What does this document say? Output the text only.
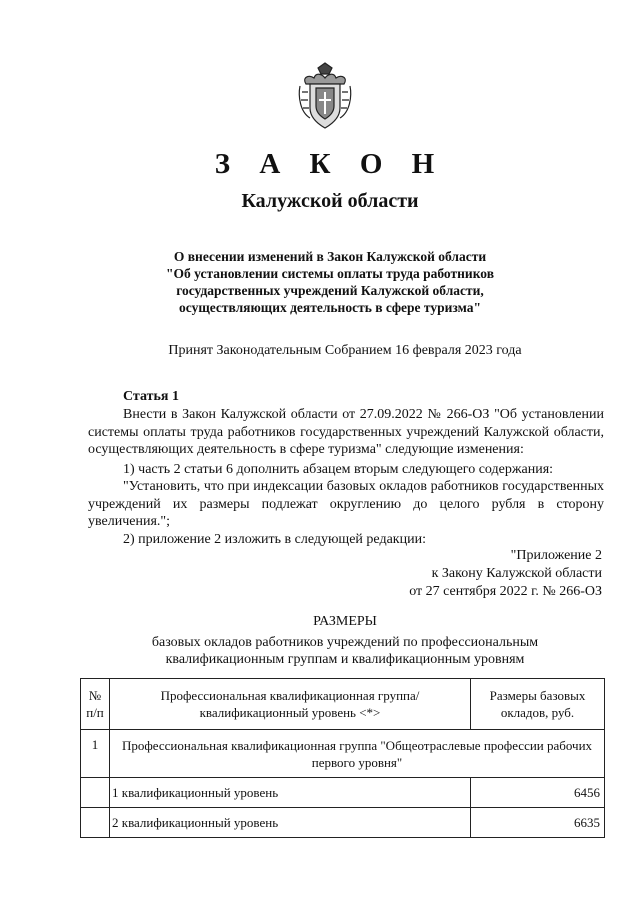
З А К О Н
Калужской области
О внесении изменений в Закон Калужской области
"Об установлении системы оплаты труда работников
государственных учреждений Калужской области,
осуществляющих деятельность в сфере туризма"
Принят Законодательным Собранием 16 февраля 2023 года
Статья 1

Внести в Закон Калужской области от 27.09.2022 № 266-ОЗ "Об установлении системы оплаты труда работников государственных учреждений Калужской области, осуществляющих деятельность в сфере туризма" следующие изменения:

1) часть 2 статьи 6 дополнить абзацем вторым следующего содержания:

"Установить, что при индексации базовых окладов работников государственных учреждений их размеры подлежат округлению до целого рубля в сторону увеличения.";

2) приложение 2 изложить в следующей редакции:

"Приложение 2
к Закону Калужской области
от 27 сентября 2022 г. № 266-ОЗ
РАЗМЕРЫ
базовых окладов работников учреждений по профессиональным
квалификационным группам и квалификационным уровням
№ п/п	Профессиональная квалификационная группа/квалификационный уровень <*>	Размеры базовых окладов, руб.
1	Профессиональная квалификационная группа "Общеотраслевые профессии рабочих первого уровня"	
	1 квалификационный уровень	6456
	2 квалификационный уровень	6635
